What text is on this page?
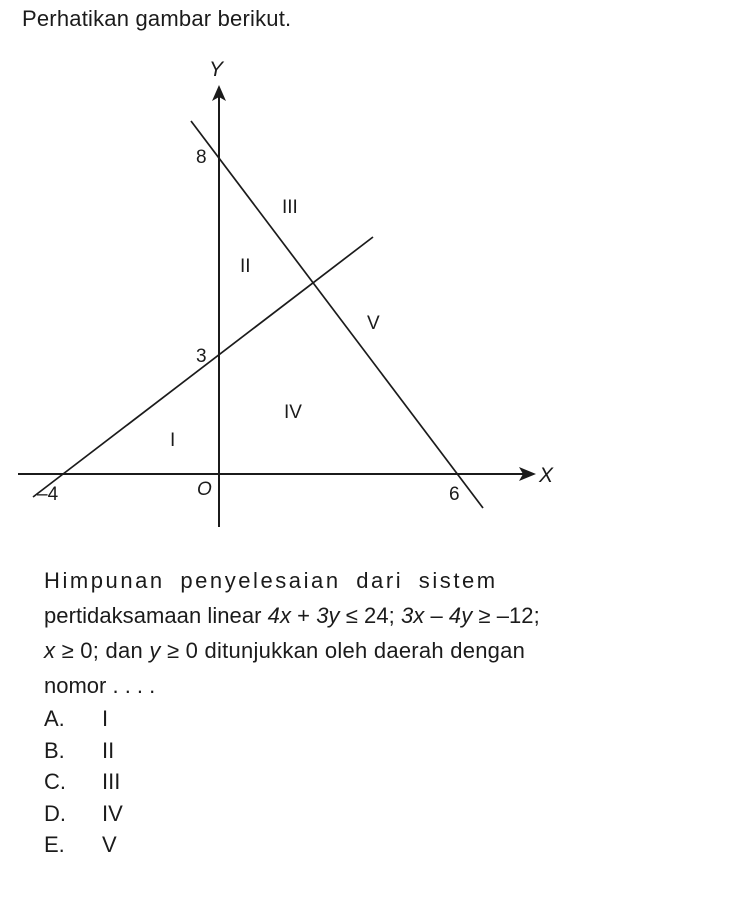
Perhatikan gambar berikut.
Y
X
8
3
–4	6
O
I
II
III
IV
V
Himpunan penyelesaian dari sistem
pertidaksamaan linear 4x + 3y ≤ 24; 3x – 4y ≥ –12;
x ≥ 0; dan y ≥ 0 ditunjukkan oleh daerah dengan
nomor . . . .
A.	I
B.	II
C.	III
D.	IV
E.	V
